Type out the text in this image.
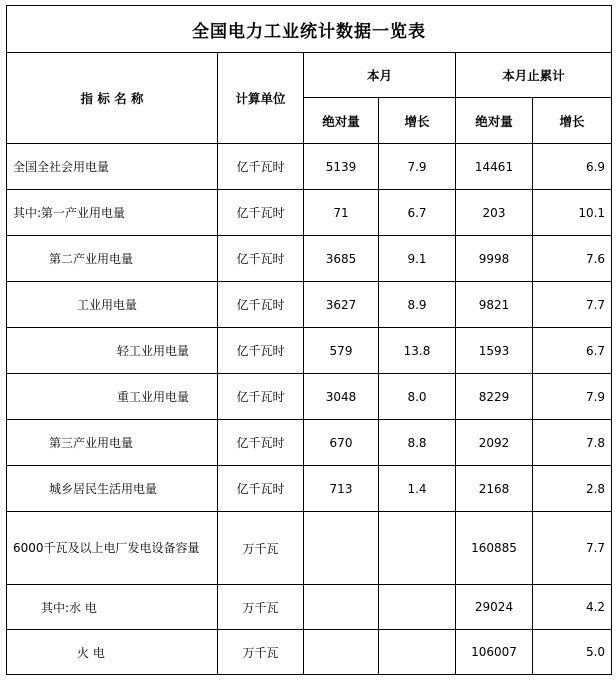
全国电力工业统计数据一览表					
指 标 名 称	计算单位	本月		本月止累计	
		绝对量	增长	绝对量	增长
全国全社会用电量	亿千瓦时	5139	7.9	14461	6.9
其中:第一产业用电量	亿千瓦时	71	6.7	203	10.1
第二产业用电量	亿千瓦时	3685	9.1	9998	7.6
工业用电量	亿千瓦时	3627	8.9	9821	7.7
轻工业用电量	亿千瓦时	579	13.8	1593	6.7
重工业用电量	亿千瓦时	3048	8.0	8229	7.9
第三产业用电量	亿千瓦时	670	8.8	2092	7.8
城乡居民生活用电量	亿千瓦时	713	1.4	2168	2.8

6000千瓦及以上电厂发电设备容量	万千瓦			160885	7.7
其中:水 电	万千瓦			29024	4.2
火 电	万千瓦			106007	5.0
